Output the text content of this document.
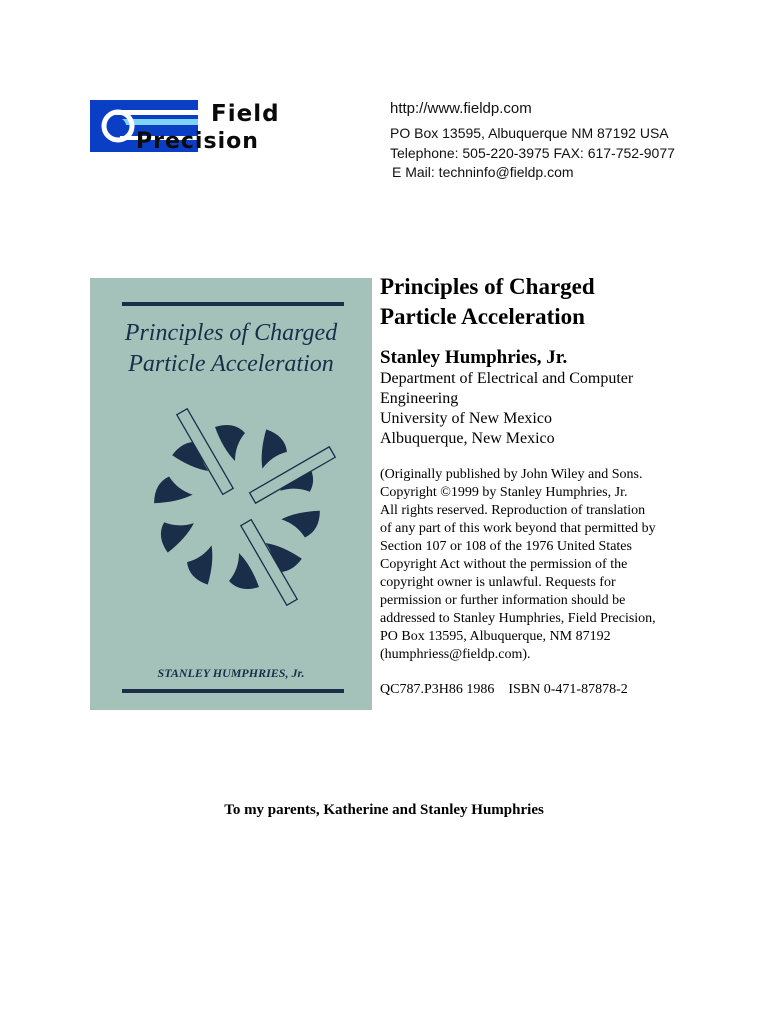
Field
Precision
http://www.fieldp.com
PO Box 13595, Albuquerque NM 87192 USA
Telephone: 505-220-3975 FAX: 617-752-9077
E Mail: techninfo@fieldp.com
Principles of Charged
Particle Acceleration
STANLEY HUMPHRIES, Jr.
Principles of Charged
Particle Acceleration
Stanley Humphries, Jr.
Department of Electrical and Computer
Engineering
University of New Mexico
Albuquerque, New Mexico
(Originally published by John Wiley and Sons.
Copyright ©1999 by Stanley Humphries, Jr.
All rights reserved. Reproduction of translation
of any part of this work beyond that permitted by
Section 107 or 108 of the 1976 United States
Copyright Act without the permission of the
copyright owner is unlawful. Requests for
permission or further information should be
addressed to Stanley Humphries, Field Precision,
PO Box 13595, Albuquerque, NM 87192
(humphriess@fieldp.com).
QC787.P3H86 1986    ISBN 0-471-87878-2
To my parents, Katherine and Stanley Humphries
